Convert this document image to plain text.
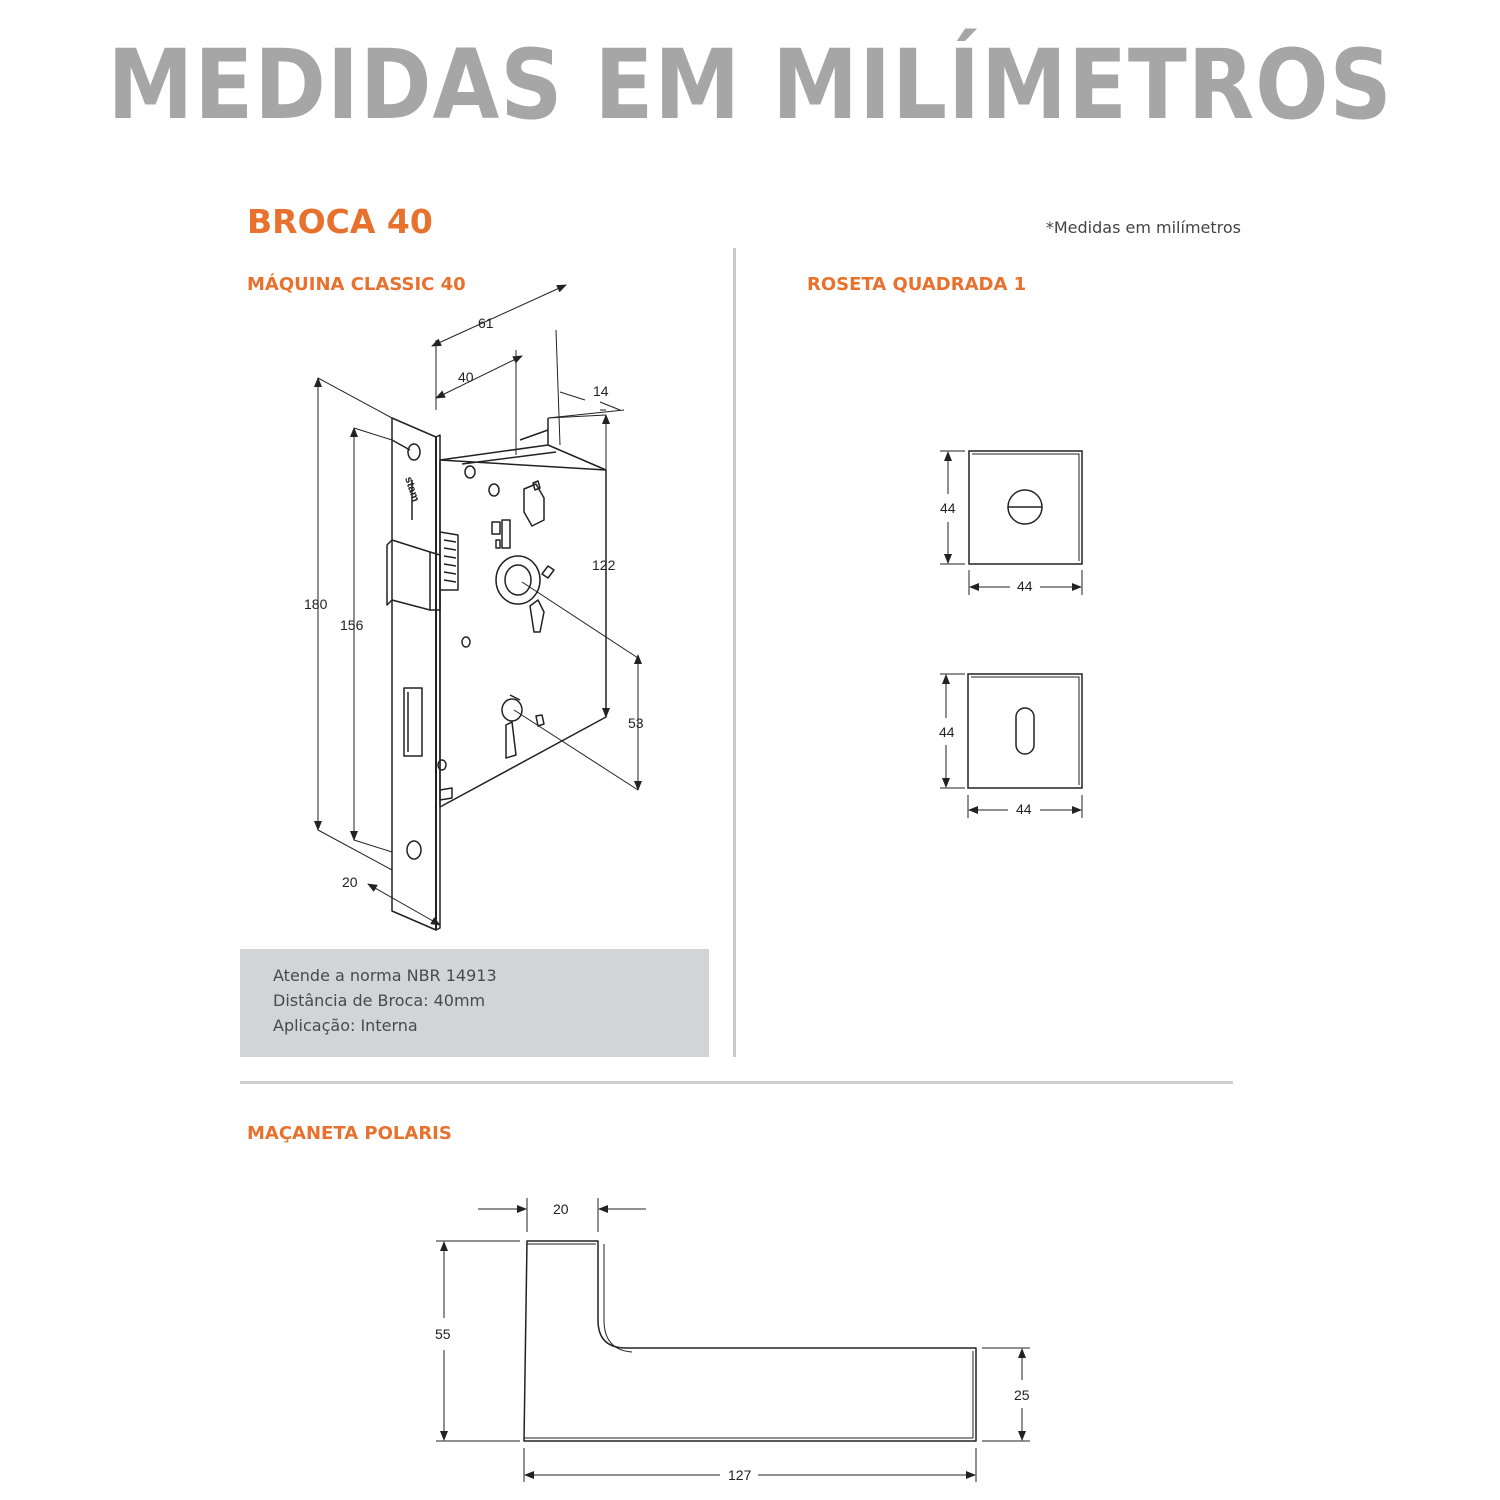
MEDIDAS EM MILÍMETROS
BROCA 40	*Medidas em milímetros
MÁQUINA CLASSIC 40	ROSETA QUADRADA 1
MAÇANETA POLARIS
Atende a norma NBR 14913
Distância de Broca: 40mm
Aplicação: Interna
stam
61
40
14
180
156
122
53
20
44
44
44
44
20
55
25
127
